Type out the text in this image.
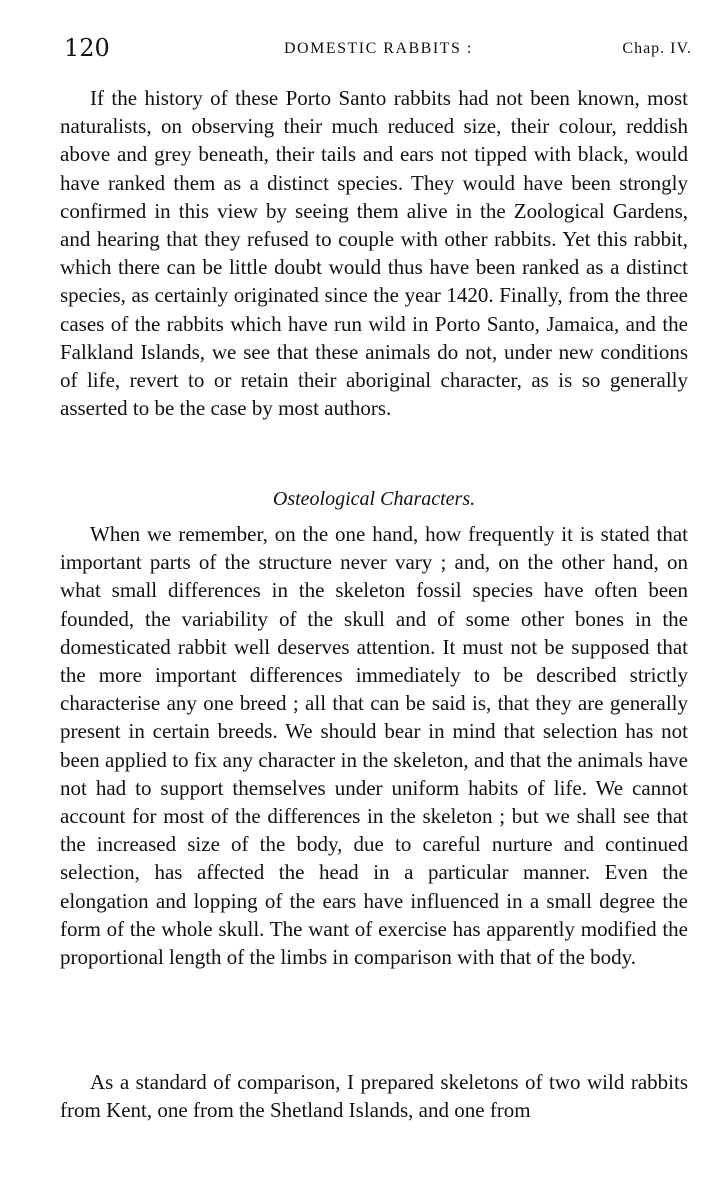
120	DOMESTIC RABBITS :	Chap. IV.

If the history of these Porto Santo rabbits had not been known, most naturalists, on observing their much reduced size, their colour, reddish above and grey beneath, their tails and ears not tipped with black, would have ranked them as a distinct species. They would have been strongly confirmed in this view by seeing them alive in the Zoological Gardens, and hearing that they refused to couple with other rabbits. Yet this rabbit, which there can be little doubt would thus have been ranked as a distinct species, as certainly originated since the year 1420. Finally, from the three cases of the rabbits which have run wild in Porto Santo, Jamaica, and the Falkland Islands, we see that these animals do not, under new conditions of life, revert to or retain their aboriginal character, as is so generally asserted to be the case by most authors.

Osteological Characters.

When we remember, on the one hand, how frequently it is stated that important parts of the structure never vary ; and, on the other hand, on what small differences in the skeleton fossil species have often been founded, the variability of the skull and of some other bones in the domesticated rabbit well deserves attention. It must not be supposed that the more important differences immediately to be described strictly characterise any one breed ; all that can be said is, that they are generally present in certain breeds. We should bear in mind that selection has not been applied to fix any character in the skeleton, and that the animals have not had to support themselves under uniform habits of life. We cannot account for most of the differences in the skeleton ; but we shall see that the increased size of the body, due to careful nurture and continued selection, has affected the head in a particular manner. Even the elongation and lopping of the ears have influenced in a small degree the form of the whole skull. The want of exercise has apparently modified the proportional length of the limbs in comparison with that of the body.

As a standard of comparison, I prepared skeletons of two wild rabbits from Kent, one from the Shetland Islands, and one from
